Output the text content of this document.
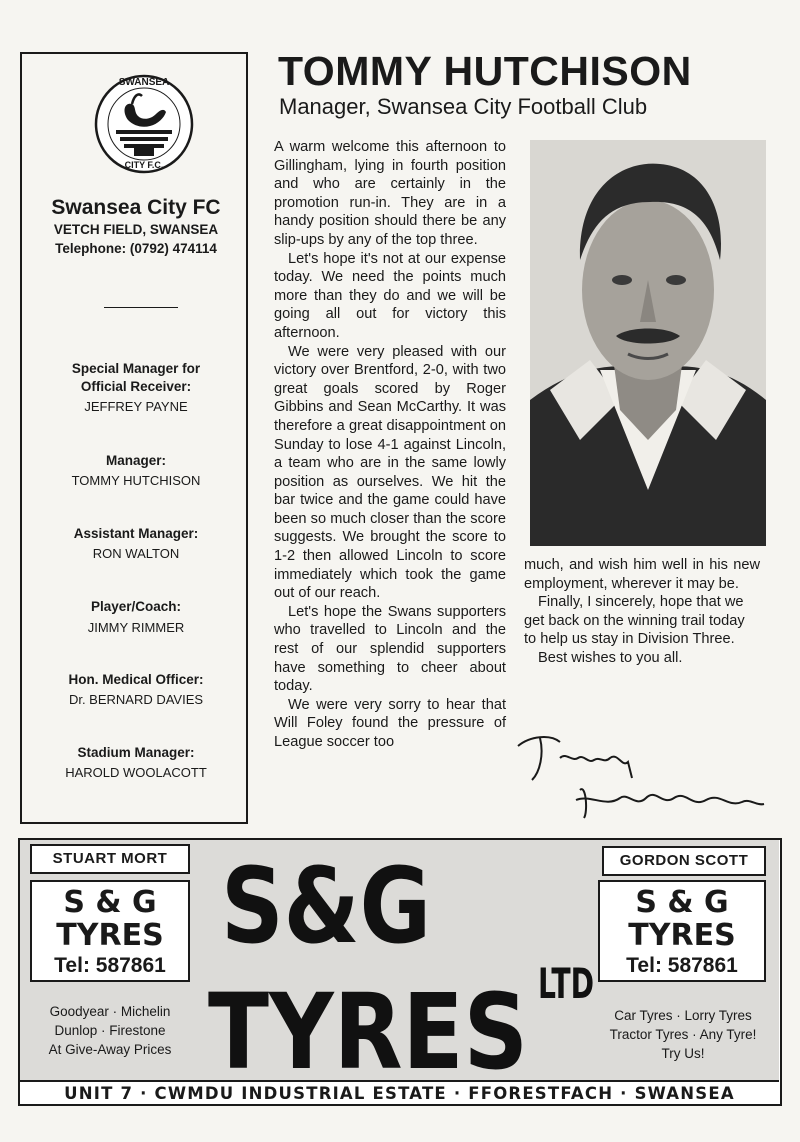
SWANSEA
CITY F.C.
Swansea City FC
VETCH FIELD, SWANSEA
Telephone: (0792) 474114
Special Manager for
Official Receiver:
JEFFREY PAYNE
Manager:
TOMMY HUTCHISON
Assistant Manager:
RON WALTON
Player/Coach:
JIMMY RIMMER
Hon. Medical Officer:
Dr. BERNARD DAVIES
Stadium Manager:
HAROLD WOOLACOTT
TOMMY HUTCHISON
Manager, Swansea City Football Club

A warm welcome this afternoon to Gillingham, lying in fourth position and who are certainly in the promotion run-in. They are in a handy position should there be any slip-ups by any of the top three.

Let's hope it's not at our expense today. We need the points much more than they do and we will be going all out for victory this afternoon.

We were very pleased with our victory over Brentford, 2-0, with two great goals scored by Roger Gibbins and Sean McCarthy. It was therefore a great disappointment on Sunday to lose 4-1 against Lincoln, a team who are in the same lowly position as ourselves. We hit the bar twice and the game could have been so much closer than the score suggests. We brought the score to 1-2 then allowed Lincoln to score immediately which took the game out of our reach.

Let's hope the Swans supporters who travelled to Lincoln and the rest of our splendid supporters have something to cheer about today.

We were very sorry to hear that Will Foley found the pressure of League soccer too

much, and wish him well in his new employment, wherever it may be.

Finally, I sincerely, hope that we get back on the winning trail today to help us stay in Division Three.

Best wishes to you all.

S&G
TYRES LTD
STUART MORT
S & G
TYRES
Tel: 587861
Goodyear · Michelin
Dunlop · Firestone
At Give-Away Prices
GORDON SCOTT
S & G
TYRES
Tel: 587861
Car Tyres · Lorry Tyres
Tractor Tyres · Any Tyre!
Try Us!
UNIT 7 · CWMDU INDUSTRIAL ESTATE · FFORESTFACH · SWANSEA
